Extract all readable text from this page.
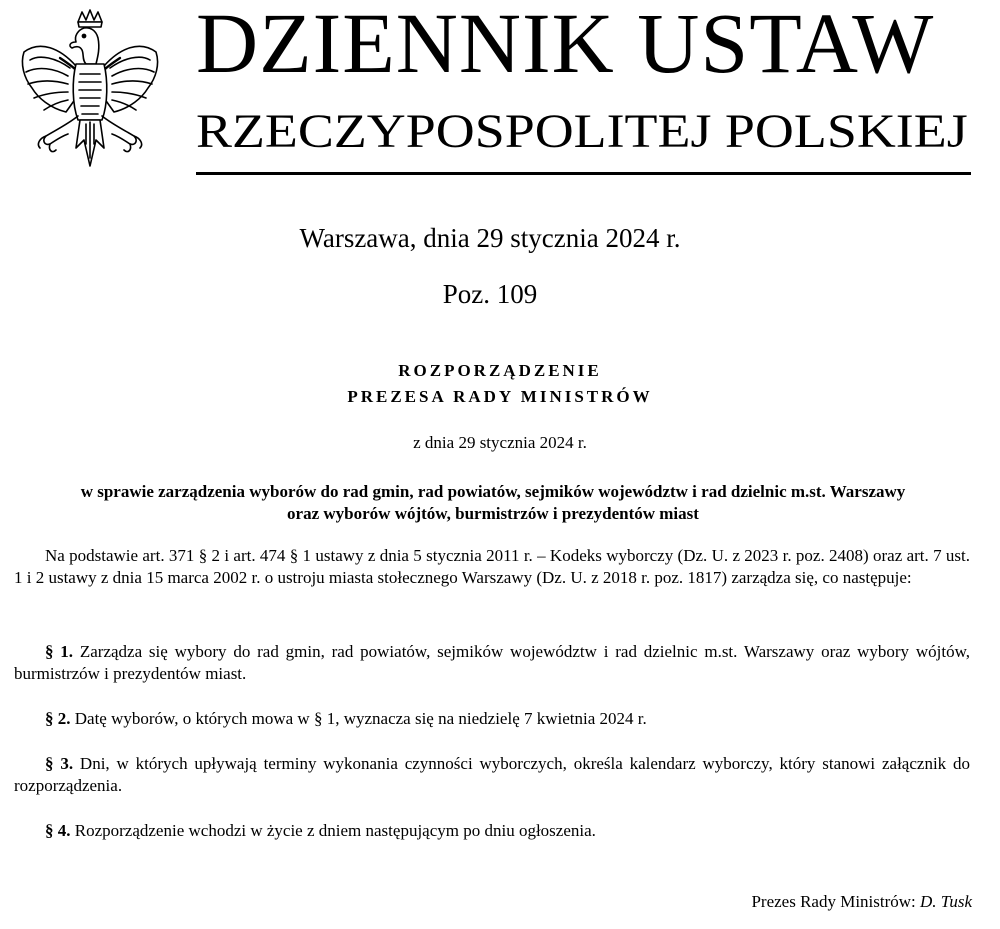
DZIENNIK USTAW
RZECZYPOSPOLITEJ POLSKIEJ
Warszawa, dnia 29 stycznia 2024 r.
Poz. 109
ROZPORZĄDZENIE
PREZESA RADY MINISTRÓW
z dnia 29 stycznia 2024 r.
w sprawie zarządzenia wyborów do rad gmin, rad powiatów, sejmików województw i rad dzielnic m.st. Warszawy
oraz wyborów wójtów, burmistrzów i prezydentów miast
Na podstawie art. 371 § 2 i art. 474 § 1 ustawy z dnia 5 stycznia 2011 r. – Kodeks wyborczy (Dz. U. z 2023 r. poz. 2408) oraz art. 7 ust. 1 i 2 ustawy z dnia 15 marca 2002 r. o ustroju miasta stołecznego Warszawy (Dz. U. z 2018 r. poz. 1817) zarządza się, co następuje:
§ 1. Zarządza się wybory do rad gmin, rad powiatów, sejmików województw i rad dzielnic m.st. Warszawy oraz wybory wójtów, burmistrzów i prezydentów miast.
§ 2. Datę wyborów, o których mowa w § 1, wyznacza się na niedzielę 7 kwietnia 2024 r.
§ 3. Dni, w których upływają terminy wykonania czynności wyborczych, określa kalendarz wyborczy, który stanowi załącznik do rozporządzenia.
§ 4. Rozporządzenie wchodzi w życie z dniem następującym po dniu ogłoszenia.
Prezes Rady Ministrów: D. Tusk
